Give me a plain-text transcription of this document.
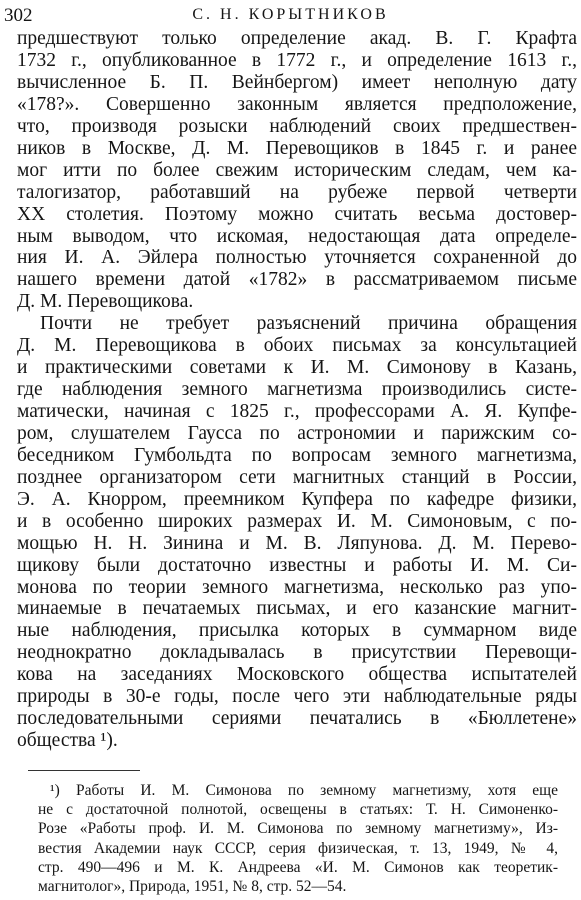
302	С. Н. КОРЫТНИКОВ
предшествуют только определение акад. В. Г. Крафта
1732 г., опубликованное в 1772 г., и определение 1613 г.,
вычисленное Б. П. Вейнбергом) имеет неполную дату
«178?». Совершенно законным является предположение,
что, производя розыски наблюдений своих предшествен-
ников в Москве, Д. М. Перевощиков в 1845 г. и ранее
мог итти по более свежим историческим следам, чем ка-
талогизатор, работавший на рубеже первой четверти
XX столетия. Поэтому можно считать весьма достовер-
ным выводом, что искомая, недостающая дата определе-
ния И. А. Эйлера полностью уточняется сохраненной до
нашего времени датой «1782» в рассматриваемом письме
Д. М. Перевощикова.
Почти не требует разъяснений причина обращения
Д. М. Перевощикова в обоих письмах за консультацией
и практическими советами к И. М. Симонову в Казань,
где наблюдения земного магнетизма производились систе-
матически, начиная с 1825 г., профессорами А. Я. Купфе-
ром, слушателем Гаусса по астрономии и парижским со-
беседником Гумбольдта по вопросам земного магнетизма,
позднее организатором сети магнитных станций в России,
Э. А. Кнорром, преемником Купфера по кафедре физики,
и в особенно широких размерах И. М. Симоновым, с по-
мощью Н. Н. Зинина и М. В. Ляпунова. Д. М. Перево-
щикову были достаточно известны и работы И. М. Си-
монова по теории земного магнетизма, несколько раз упо-
минаемые в печатаемых письмах, и его казанские магнит-
ные наблюдения, присылка которых в суммарном виде
неоднократно докладывалась в присутствии Перевощи-
кова на заседаниях Московского общества испытателей
природы в 30-е годы, после чего эти наблюдательные ряды
последовательными сериями печатались в «Бюллетене»
общества ¹).
¹) Работы И. М. Симонова по земному магнетизму, хотя еще
не с достаточной полнотой, освещены в статьях: Т. Н. Симоненко-
Розе «Работы проф. И. М. Симонова по земному магнетизму», Из-
вестия Академии наук СССР, серия физическая, т. 13, 1949, № 4,
стр. 490—496 и М. К. Андреева «И. М. Симонов как теоретик-
магнитолог», Природа, 1951, № 8, стр. 52—54.
